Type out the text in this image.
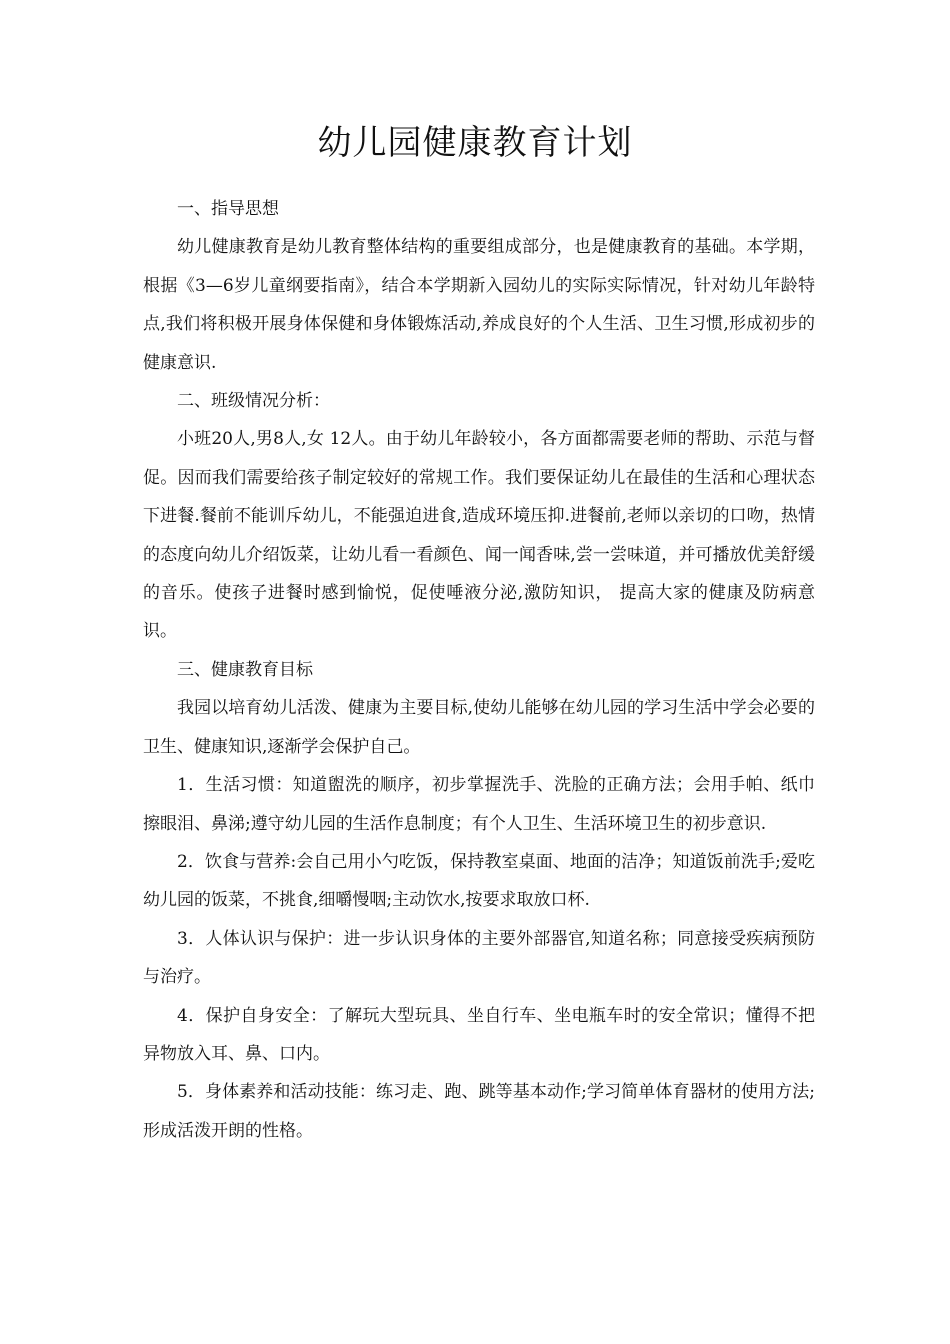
幼儿园健康教育计划

一、指导思想

幼儿健康教育是幼儿教育整体结构的重要组成部分，也是健康教育的基础。本学期，根据《3—6岁儿童纲要指南》，结合本学期新入园幼儿的实际实际情况，针对幼儿年龄特点,我们将积极开展身体保健和身体锻炼活动,养成良好的个人生活、卫生习惯,形成初步的健康意识.

二、班级情况分析：

小班20人,男8人,女 12人。由于幼儿年龄较小，各方面都需要老师的帮助、示范与督促。因而我们需要给孩子制定较好的常规工作。我们要保证幼儿在最佳的生活和心理状态下进餐.餐前不能训斥幼儿，不能强迫进食,造成环境压抑.进餐前,老师以亲切的口吻，热情的态度向幼儿介绍饭菜，让幼儿看一看颜色、闻一闻香味,尝一尝味道，并可播放优美舒缓的音乐。使孩子进餐时感到愉悦，促使唾液分泌,激防知识， 提高大家的健康及防病意识。

三、健康教育目标

我园以培育幼儿活泼、健康为主要目标,使幼儿能够在幼儿园的学习生活中学会必要的卫生、健康知识,逐渐学会保护自己。

1．生活习惯：知道盥洗的顺序，初步掌握洗手、洗脸的正确方法；会用手帕、纸巾擦眼泪、鼻涕;遵守幼儿园的生活作息制度；有个人卫生、生活环境卫生的初步意识.

2．饮食与营养:会自己用小勺吃饭，保持教室桌面、地面的洁净；知道饭前洗手;爱吃幼儿园的饭菜，不挑食,细嚼慢咽;主动饮水,按要求取放口杯.

3．人体认识与保护：进一步认识身体的主要外部器官,知道名称；同意接受疾病预防与治疗。

4．保护自身安全：了解玩大型玩具、坐自行车、坐电瓶车时的安全常识；懂得不把异物放入耳、鼻、口内。

5．身体素养和活动技能：练习走、跑、跳等基本动作;学习简单体育器材的使用方法;形成活泼开朗的性格。
